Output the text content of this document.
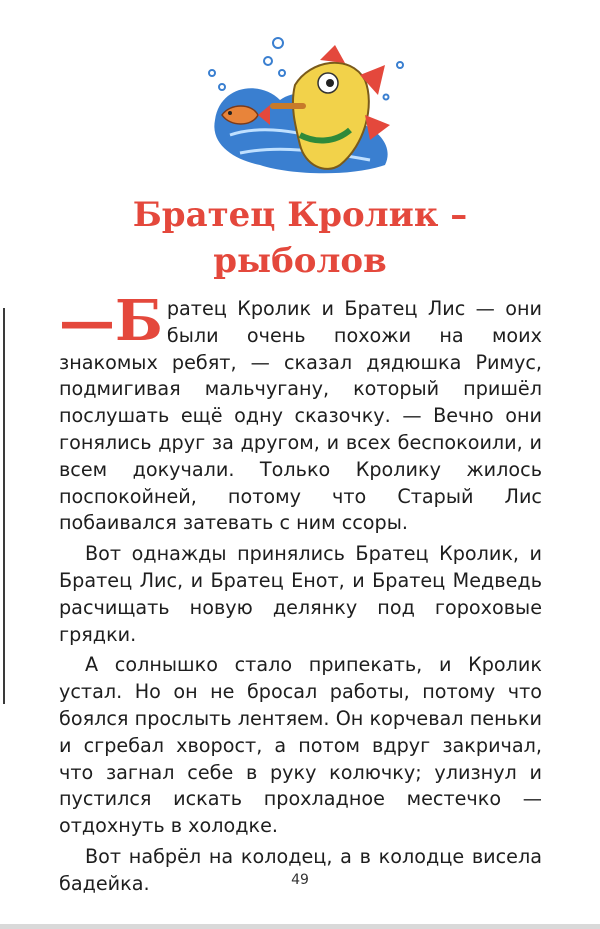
Братец Кролик –
рыболов

—Б ратец Кролик и Братец Лис — они были очень похожи на моих знакомых ребят, — сказал дядюшка Римус, подмигивая мальчугану, который пришёл послушать ещё одну сказочку. — Вечно они гонялись друг за другом, и всех беспокоили, и всем докучали. Только Кролику жилось поспокойней, потому что Старый Лис побаивался затевать с ним ссоры.

Вот однажды принялись Братец Кролик, и Братец Лис, и Братец Енот, и Братец Медведь расчищать новую делянку под гороховые грядки.

А солнышко стало припекать, и Кролик устал. Но он не бросал работы, потому что боялся прослыть лентяем. Он корчевал пеньки и сгребал хворост, а потом вдруг закричал, что загнал себе в руку колючку; улизнул и пустился искать прохладное местечко — отдохнуть в холодке.

Вот набрёл на колодец, а в колодце висела бадейка.	49
